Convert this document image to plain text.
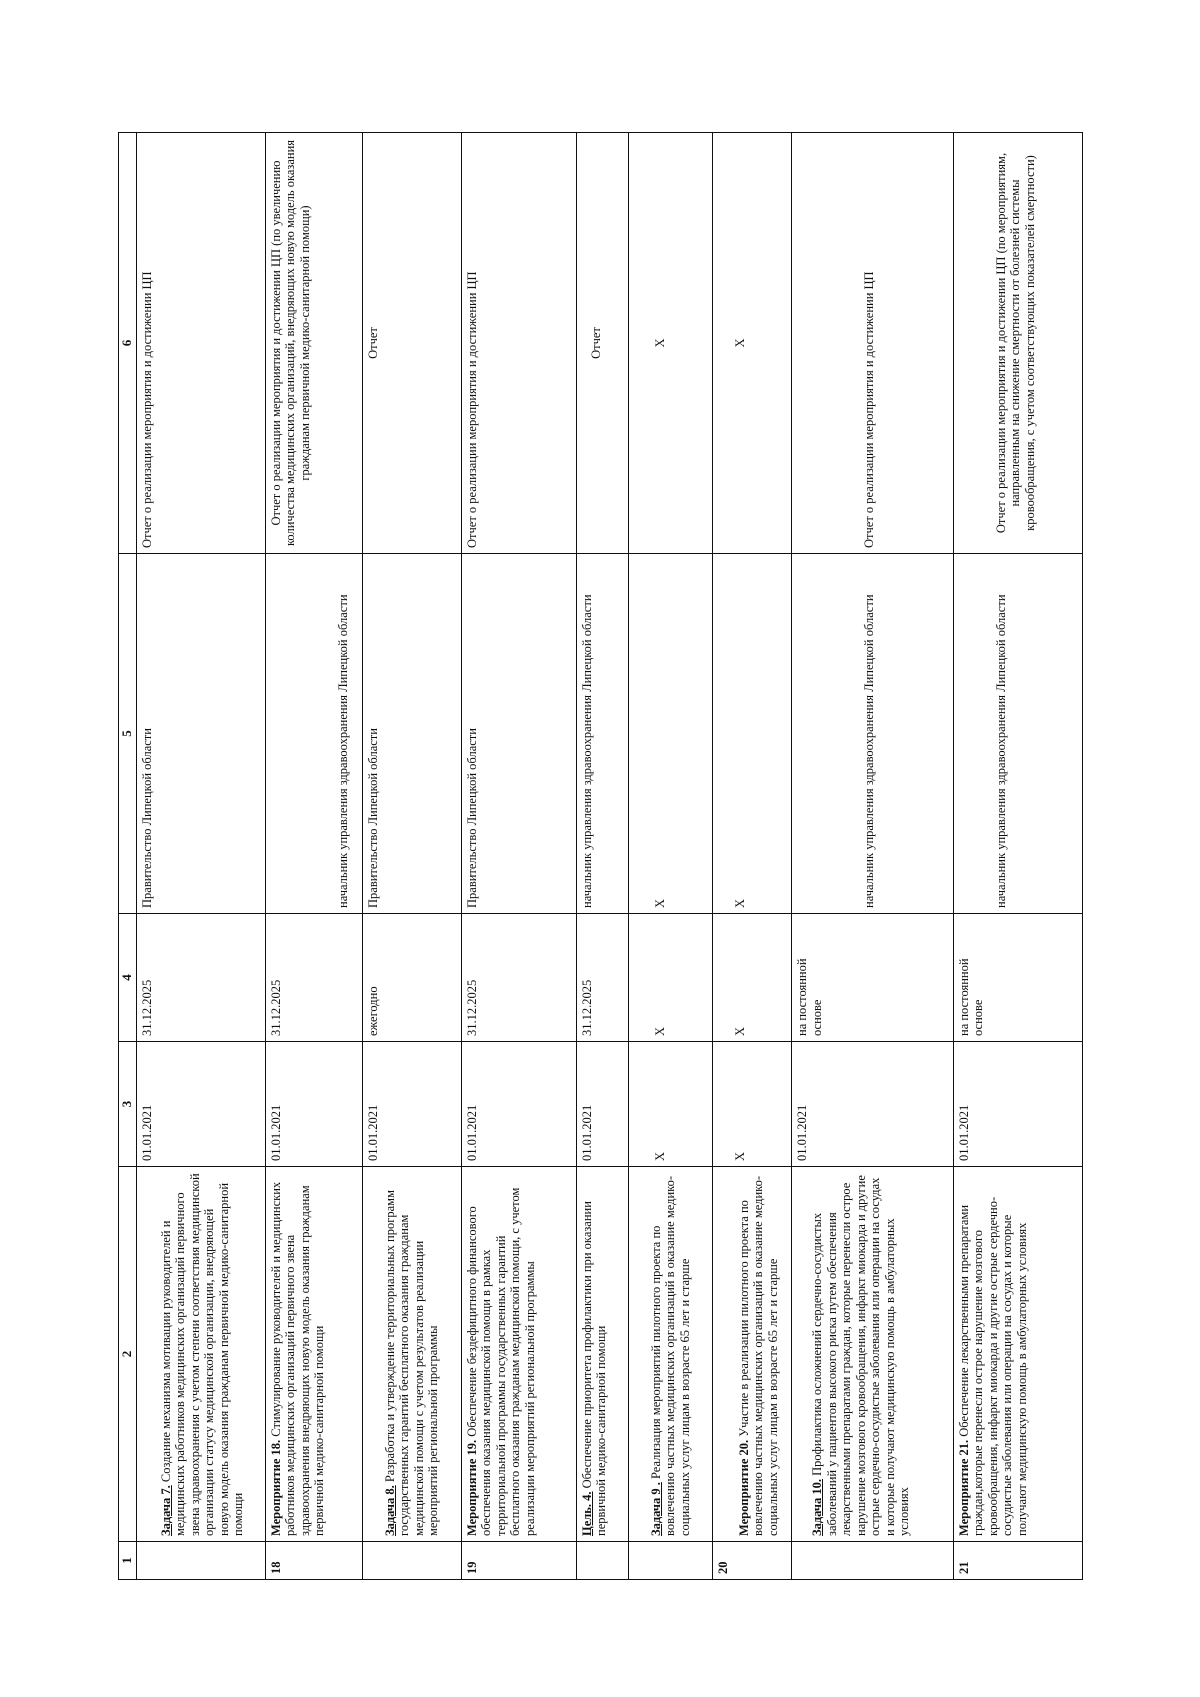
1	2	3	4	5	6
	Задача 7. Создание механизма мотивации руководителей и медицинских работников медицинских организаций первичного звена здравоохранения с учетом степени соответствия медицинской организации статусу медицинской организации, внедряющей новую модель оказания гражданам первичной медико-санитарной помощи	01.01.2021	31.12.2025	Правительство Липецкой области	Отчет о реализации мероприятия и достижении ЦП
18	Мероприятие 18. Стимулирование руководителей и медицинских работников медицинских организаций первичного звена здравоохранения внедряющих новую модель оказания гражданам первичной медико-санитарной помощи	01.01.2021	31.12.2025	начальник управления здравоохранения Липецкой области	Отчет о реализации мероприятия и достижении ЦП (по увеличению количества медицинских организаций, внедряющих новую модель оказания гражданам первичной медико-санитарной помощи)
	Задача 8. Разработка и утверждение территориальных программ государственных гарантий бесплатного оказания гражданам медицинской помощи с учетом результатов реализации мероприятий региональной программы	01.01.2021	ежегодно	Правительство Липецкой области	Отчет
19	Мероприятие 19. Обеспечение бездефицитного финансового обеспечения оказания медицинской помощи в рамках территориальной программы государственных гарантий бесплатного оказания гражданам медицинской помощи, с учетом реализации мероприятий региональной программы	01.01.2021	31.12.2025	Правительство Липецкой области	Отчет о реализации мероприятия и достижении ЦП
	Цель. 4. Обеспечение приоритета профилактики при оказании первичной медико-санитарной помощи	01.01.2021	31.12.2025	начальник управления здравоохранения Липецкой области	Отчет
	Задача 9 . Реализация мероприятий пилотного проекта по вовлечению частных медицинских организаций в оказание медико-социальных услуг лицам в возрасте 65 лет и старше	Х	Х	Х	Х
20	Мероприятие 20. Участие в реализации пилотного проекта по вовлечению частных медицинских организаций в оказание медико-социальных услуг лицам в возрасте 65 лет и старше	Х	Х	Х	Х
	Задача 10. Профилактика осложнений сердечно-сосудистых заболеваний у пациентов высокого риска путем обеспечения лекарственными препаратами граждан, которые перенесли острое нарушение мозгового кровообращения, инфаркт миокарда и другие острые сердечно-сосудистые заболевания или операции на сосудах и которые получают медицинскую помощь в амбулаторных условиях	01.01.2021	на постоянной основе	начальник управления здравоохранения Липецкой области	Отчет о реализации мероприятия и достижении ЦП
21	Мероприятие 21. Обеспечение лекарственными препаратами граждан,которые перенесли острое нарушение мозгового кровообращения, инфаркт миокарда и другие острые сердечно-сосудистые заболевания или операции на сосудах и которые получают медицинскую помощь в амбулаторных условиях	01.01.2021	на постоянной основе	начальник управления здравоохранения Липецкой области	Отчет о реализации мероприятия и достижении ЦП (по мероприятиям, направленным на снижение смертности от болезней системы кровообращения, с учетом соответствующих показателей смертности)
